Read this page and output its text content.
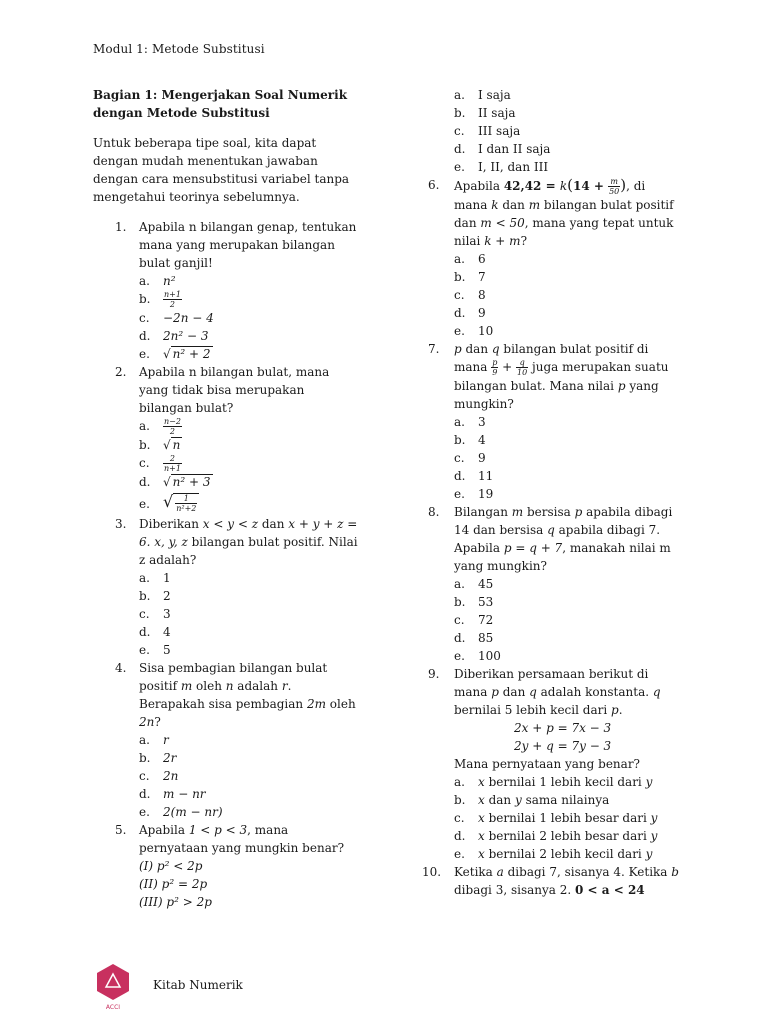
Modul 1: Metode Substitusi
Bagian 1: Mengerjakan Soal Numerik dengan Metode Substitusi
Untuk beberapa tipe soal, kita dapat dengan mudah menentukan jawaban dengan cara mensubstitusi variabel tanpa mengetahui teorinya sebelumnya.
1. Apabila n bilangan genap, tentukan mana yang merupakan bilangan bulat ganjil!
a. n²
b. $\frac{n+1}{2}$
c. −2n − 4
d. 2n² − 3
e. √ n² + 2
2. Apabila n bilangan bulat, mana yang tidak bisa merupakan bilangan bulat?
a. $\frac{n-2}{2}$
b. √ n
c. $\frac{2}{n+1}$
d. √ n² + 3
e. √ $\frac{1}{\text{n²+2}}$
3. Diberikan x < y < z dan x + y + z = 6. x, y, z bilangan bulat positif. Nilai z adalah?
a. 1
b. 2
c. 3
d. 4
e. 5
4. Sisa pembagian bilangan bulat positif m oleh n adalah r. Berapakah sisa pembagian 2m oleh 2n?
a. r
b. 2r
c. 2n
d. m − nr
e. 2(m − nr)
5. Apabila 1 < p < 3, mana pernyataan yang mungkin benar?
(I) p² < 2p
(II) p² = 2p
(III) p² > 2p
a. I saja
b. II saja
c. III saja
d. I dan II saja
e. I, II, dan III
6. Apabila $42,42 = k(14 + \frac{m}{50}$ ), di mana k dan m bilangan bulat positif dan m < 50, mana yang tepat untuk nilai k + m?
a. 6
b. 7
c. 8
d. 9
e. 10
7. p dan q bilangan bulat positif di mana $\frac{p}{9} + \frac{q}{10}$ juga merupakan suatu bilangan bulat. Mana nilai p yang mungkin?
a. 3
b. 4
c. 9
d. 11
e. 19
8. Bilangan m bersisa p apabila dibagi 14 dan bersisa q apabila dibagi 7. Apabila p = q + 7, manakah nilai m yang mungkin?
a. 45
b. 53
c. 72
d. 85
e. 100
9. Diberikan persamaan berikut di mana p dan q adalah konstanta. q bernilai 5 lebih kecil dari p.
2x + p = 7x − 3
2y + q = 7y − 3
Mana pernyataan yang benar?
a. x bernilai 1 lebih kecil dari y
b. x dan y sama nilainya
c. x bernilai 1 lebih besar dari y
d. x bernilai 2 lebih besar dari y
e. x bernilai 2 lebih kecil dari y
10. Ketika a dibagi 7, sisanya 4. Ketika b dibagi 3, sisanya 2. 0 < a < 24
ACCI
Kitab Numerik
